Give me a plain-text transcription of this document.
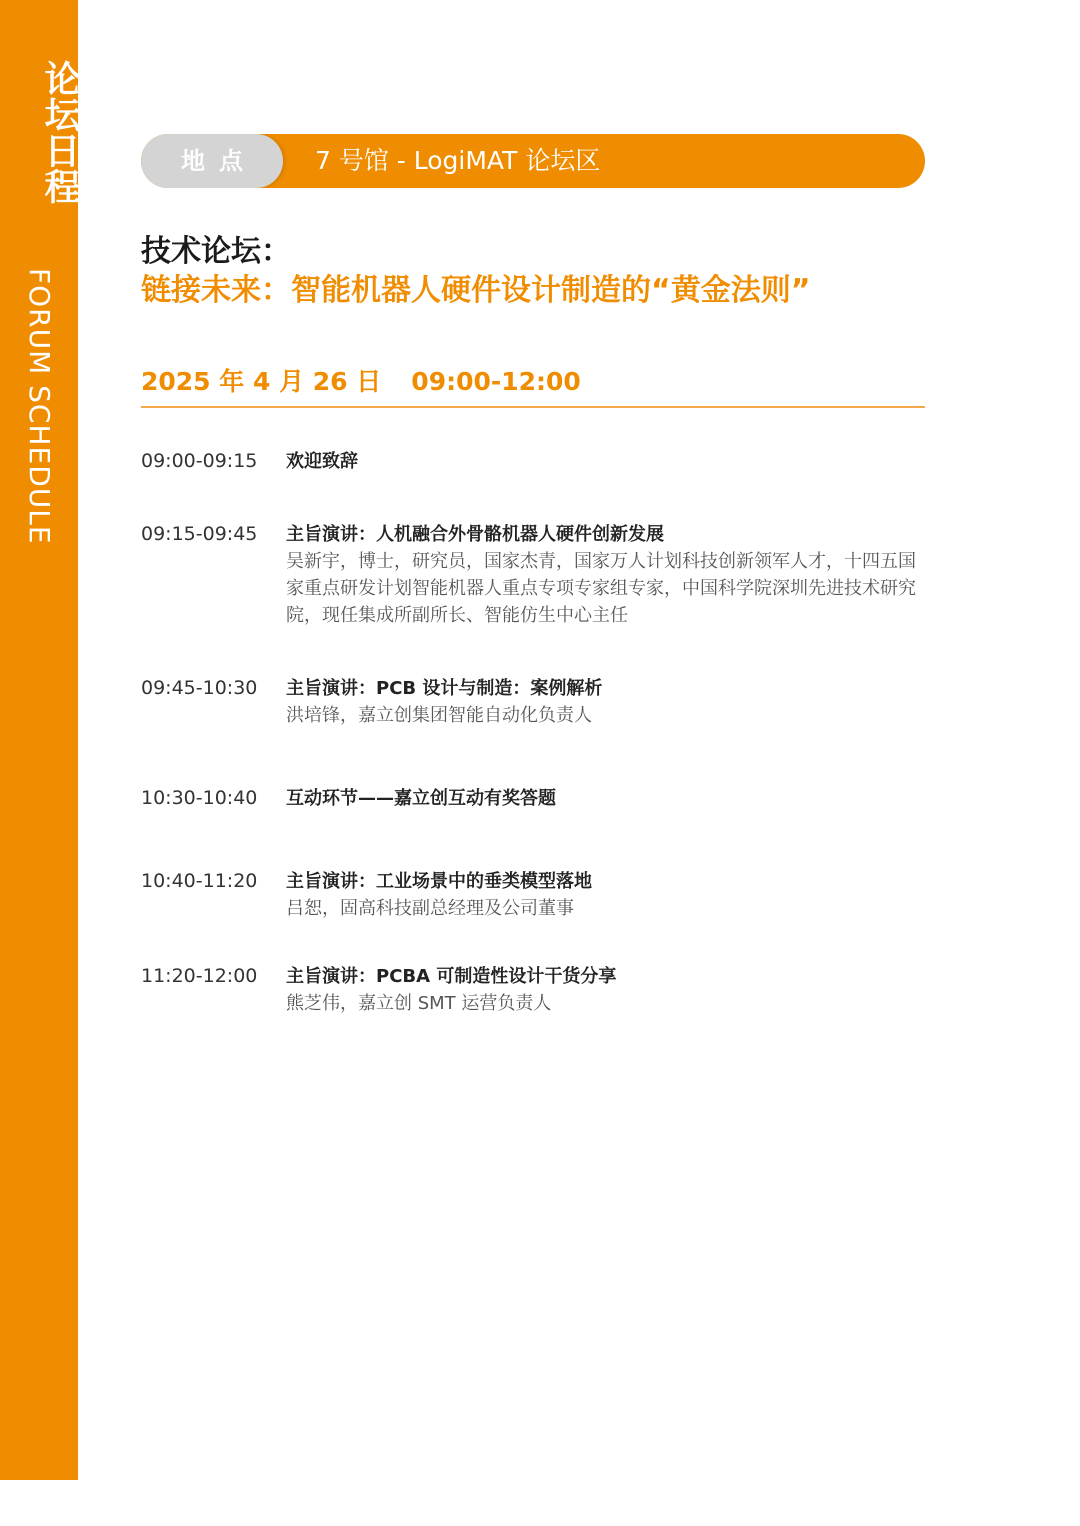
论坛日程
FORUM SCHEDULE
地点	7 号馆 - LogiMAT 论坛区
技术论坛：
链接未来：智能机器人硬件设计制造的“黄金法则”
2025 年 4 月 26 日 09:00-12:00
09:00-09:15	欢迎致辞
09:15-09:45	主旨演讲：人机融合外骨骼机器人硬件创新发展
吴新宇，博士，研究员，国家杰青，国家万人计划科技创新领军人才，十四五国家重点研发计划智能机器人重点专项专家组专家，中国科学院深圳先进技术研究院，现任集成所副所长、智能仿生中心主任
09:45-10:30	主旨演讲：PCB 设计与制造：案例解析
洪培锋，嘉立创集团智能自动化负责人
10:30-10:40	互动环节——嘉立创互动有奖答题
10:40-11:20	主旨演讲：工业场景中的垂类模型落地
吕恕，固高科技副总经理及公司董事
11:20-12:00	主旨演讲：PCBA 可制造性设计干货分享
熊芝伟，嘉立创 SMT 运营负责人
